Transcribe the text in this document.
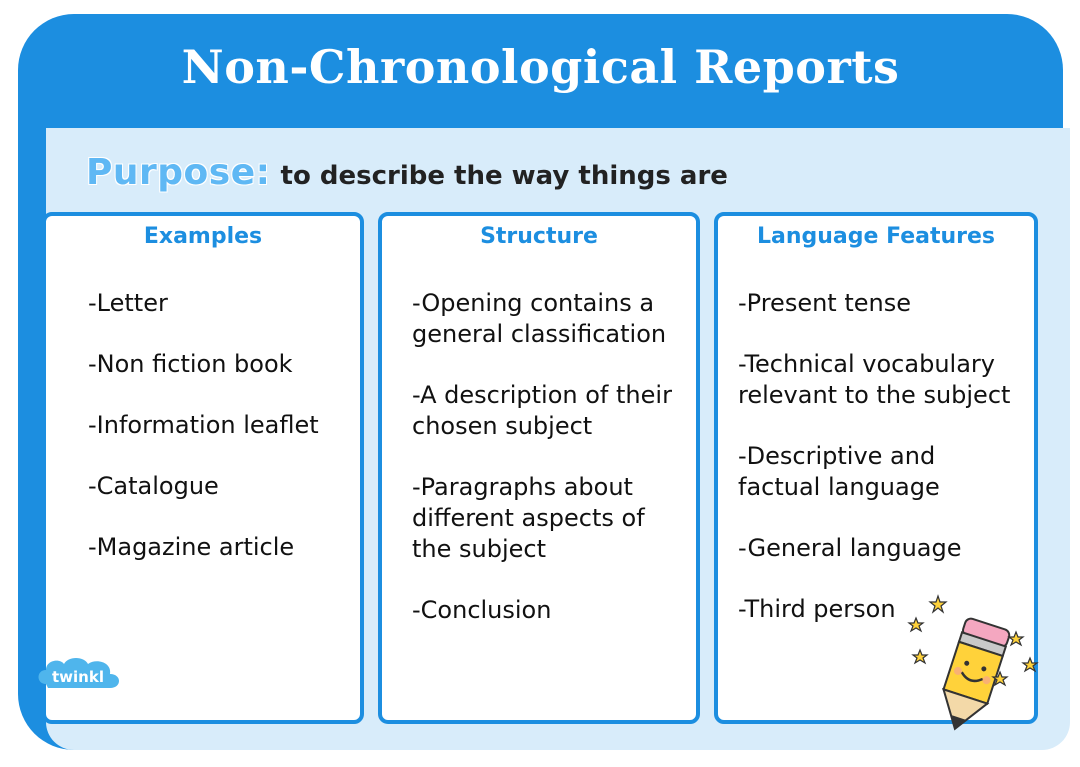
Non-Chronological Reports
Purpose: to describe the way things are
Examples
-Letter
-Non fiction book
-Information leaflet
-Catalogue
-Magazine article
Structure
-Opening contains a general classification
-A description of their chosen subject
-Paragraphs about different aspects of the subject
-Conclusion
Language Features
-Present tense
-Technical vocabulary relevant to the subject
-Descriptive and factual language
-General language
-Third person
twinkl
